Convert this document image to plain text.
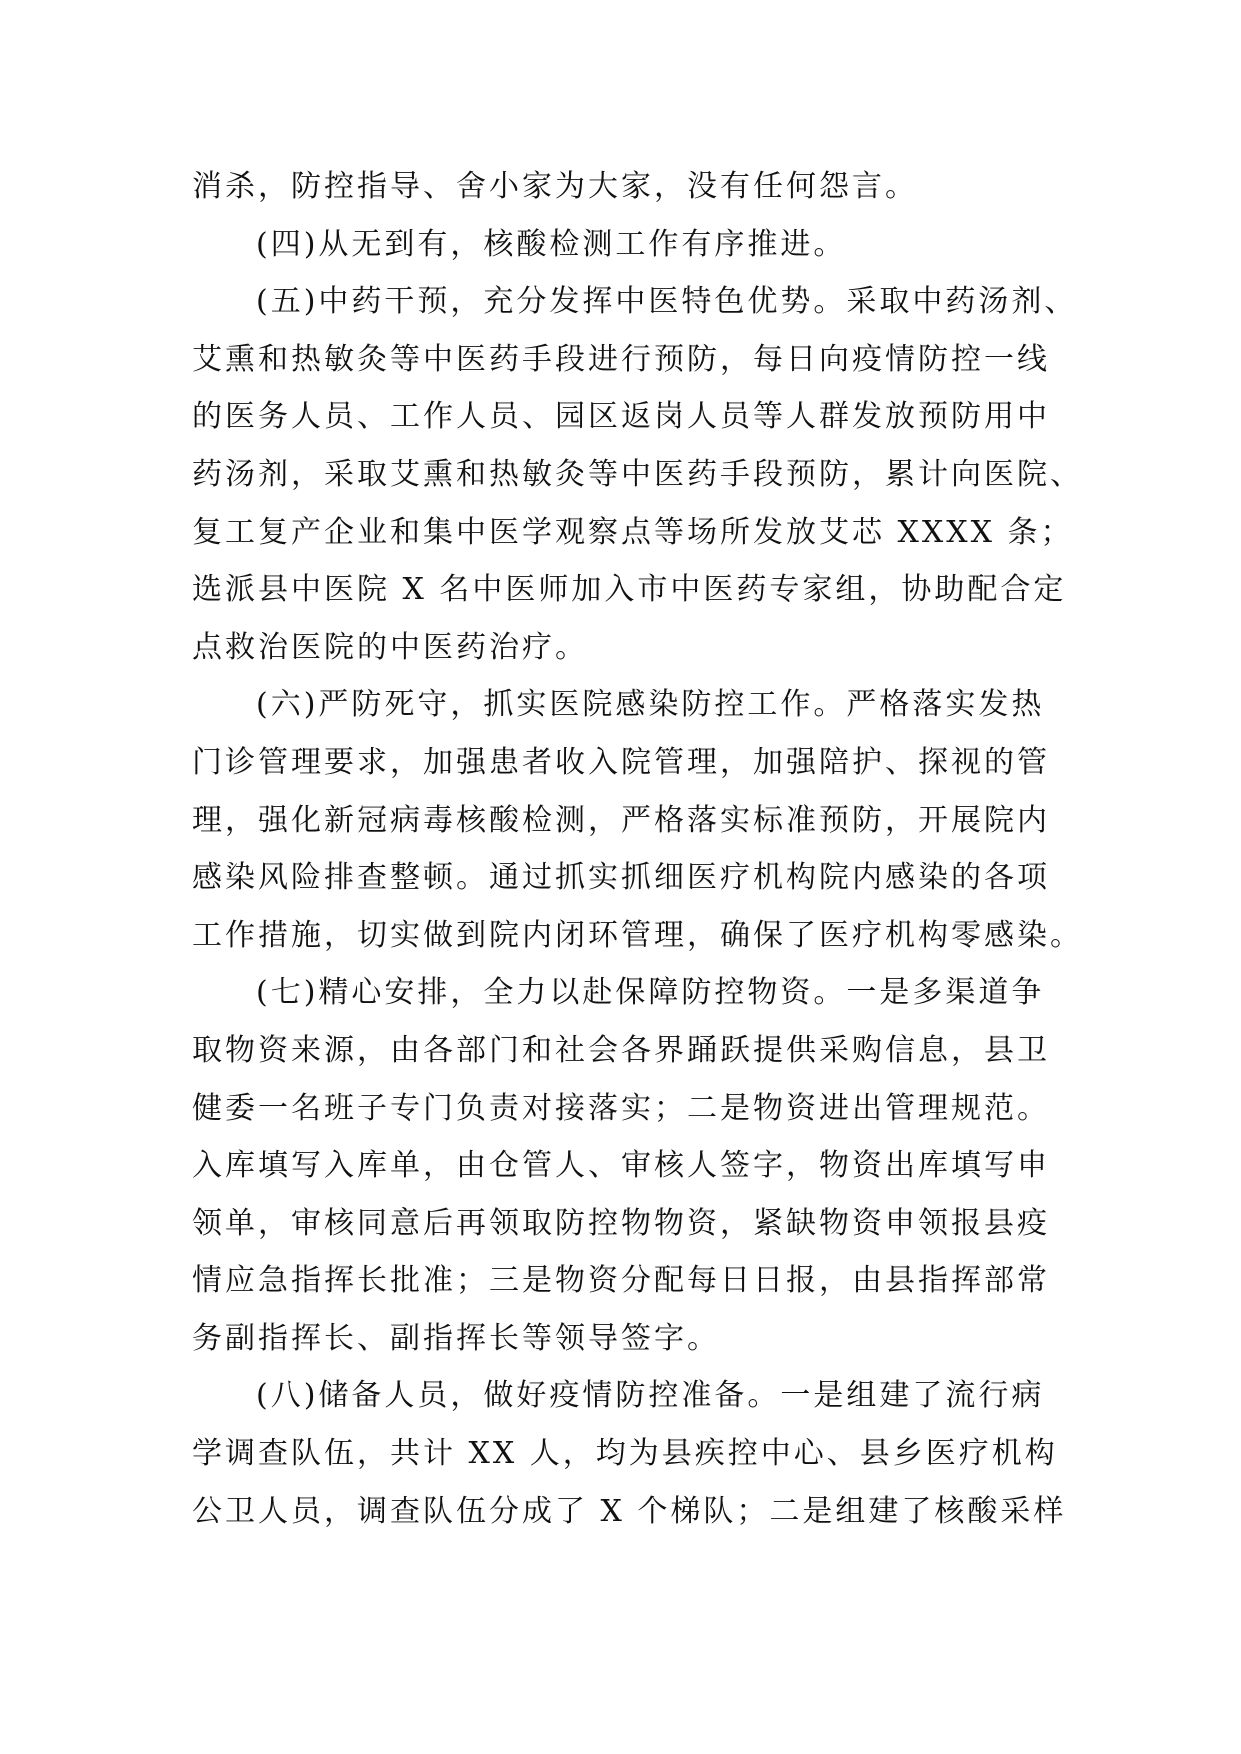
消杀，防控指导、舍小家为大家，没有任何怨言。
(四)从无到有，核酸检测工作有序推进。
(五)中药干预，充分发挥中医特色优势。采取中药汤剂、
艾熏和热敏灸等中医药手段进行预防，每日向疫情防控一线
的医务人员、工作人员、园区返岗人员等人群发放预防用中
药汤剂，采取艾熏和热敏灸等中医药手段预防，累计向医院、
复工复产企业和集中医学观察点等场所发放艾芯 XXXX 条；
选派县中医院 X 名中医师加入市中医药专家组，协助配合定
点救治医院的中医药治疗。
(六)严防死守，抓实医院感染防控工作。严格落实发热
门诊管理要求，加强患者收入院管理，加强陪护、探视的管
理，强化新冠病毒核酸检测，严格落实标准预防，开展院内
感染风险排查整顿。通过抓实抓细医疗机构院内感染的各项
工作措施，切实做到院内闭环管理，确保了医疗机构零感染。
(七)精心安排，全力以赴保障防控物资。一是多渠道争
取物资来源，由各部门和社会各界踊跃提供采购信息，县卫
健委一名班子专门负责对接落实；二是物资进出管理规范。
入库填写入库单，由仓管人、审核人签字，物资出库填写申
领单，审核同意后再领取防控物物资，紧缺物资申领报县疫
情应急指挥长批准；三是物资分配每日日报，由县指挥部常
务副指挥长、副指挥长等领导签字。
(八)储备人员，做好疫情防控准备。一是组建了流行病
学调查队伍，共计 XX 人，均为县疾控中心、县乡医疗机构
公卫人员，调查队伍分成了 X 个梯队；二是组建了核酸采样
